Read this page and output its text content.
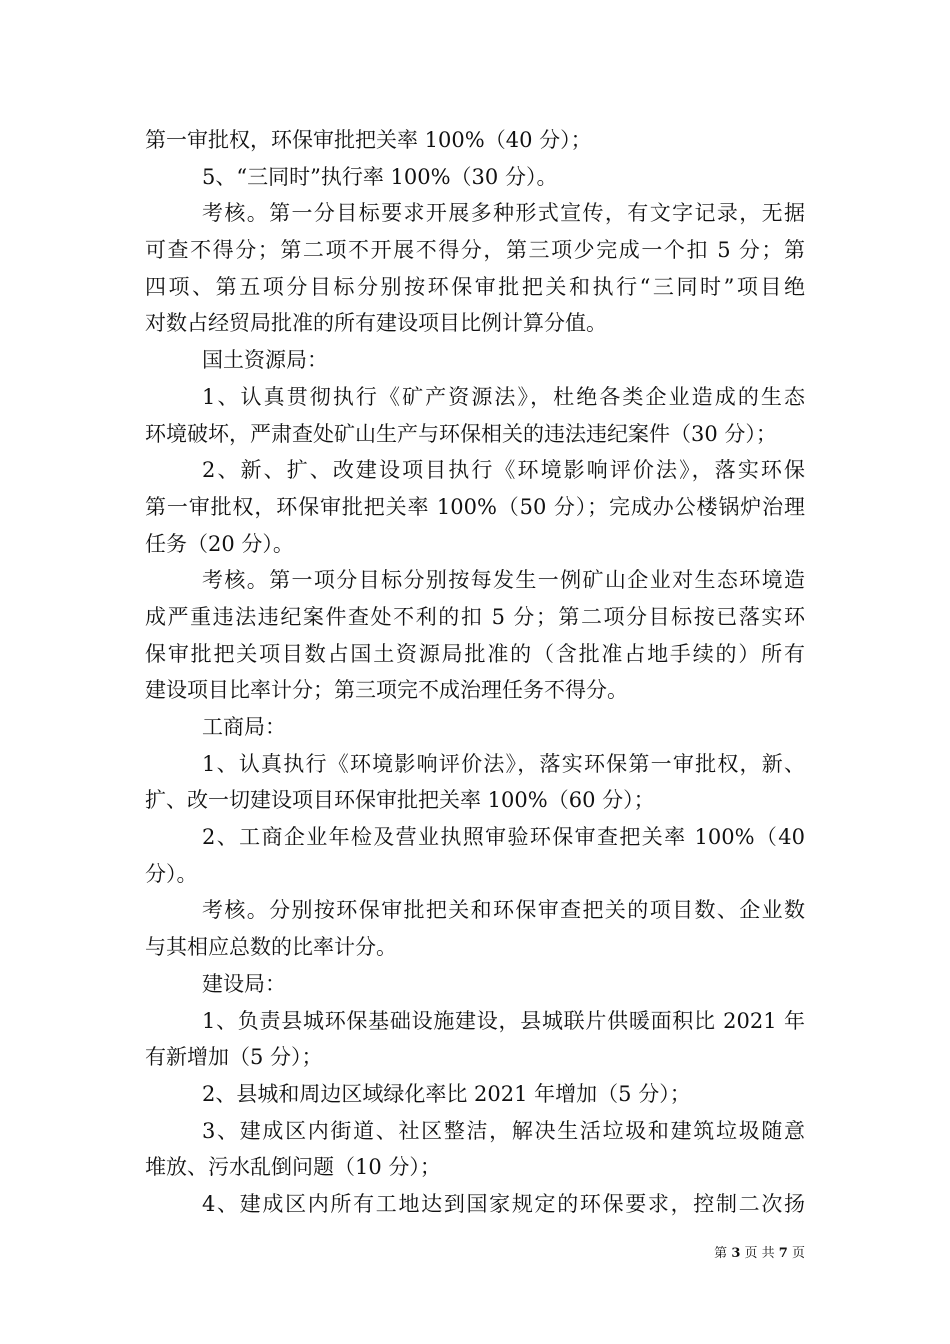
第一审批权，环保审批把关率 100%（40 分）；
5、“三同时”执行率 100%（30 分）。
考核。第一分目标要求开展多种形式宣传，有文字记录，无据
可查不得分；第二项不开展不得分，第三项少完成一个扣 5 分；第
四项、第五项分目标分别按环保审批把关和执行“三同时”项目绝
对数占经贸局批准的所有建设项目比例计算分值。
国土资源局：
1、认真贯彻执行《矿产资源法》，杜绝各类企业造成的生态
环境破坏，严肃查处矿山生产与环保相关的违法违纪案件（30 分）；
2、新、扩、改建设项目执行《环境影响评价法》，落实环保
第一审批权，环保审批把关率 100%（50 分）；完成办公楼锅炉治理
任务（20 分）。
考核。第一项分目标分别按每发生一例矿山企业对生态环境造
成严重违法违纪案件查处不利的扣 5 分；第二项分目标按已落实环
保审批把关项目数占国土资源局批准的（含批准占地手续的）所有
建设项目比率计分；第三项完不成治理任务不得分。
工商局：
1、认真执行《环境影响评价法》，落实环保第一审批权，新、
扩、改一切建设项目环保审批把关率 100%（60 分）；
2、工商企业年检及营业执照审验环保审查把关率 100%（40
分）。
考核。分别按环保审批把关和环保审查把关的项目数、企业数
与其相应总数的比率计分。
建设局：
1、负责县城环保基础设施建设，县城联片供暖面积比 2021 年
有新增加（5 分）；
2、县城和周边区域绿化率比 2021 年增加（5 分）；
3、建成区内街道、社区整洁，解决生活垃圾和建筑垃圾随意
堆放、污水乱倒问题（10 分）；
4、建成区内所有工地达到国家规定的环保要求，控制二次扬
第 3 页 共 7 页
